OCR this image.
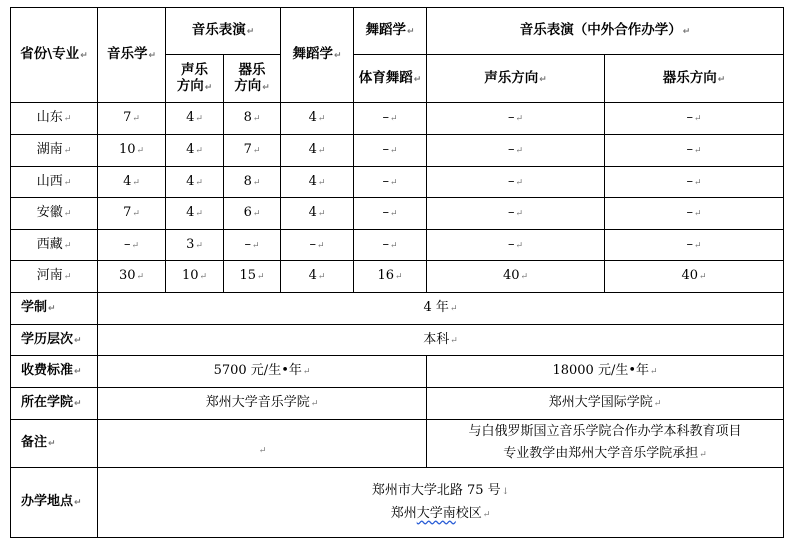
省份\专业↵	音乐学↵	音乐表演↵		舞蹈学↵	舞蹈学↵	音乐表演（中外合作办学）↵	
		声乐
方向↵	器乐
方向↵		体育舞蹈↵	声乐方向↵	器乐方向↵
山东↵	7↵	4↵	8↵	4↵	–↵	–↵	–↵
湖南↵	10↵	4↵	7↵	4↵	–↵	–↵	–↵
山西↵	4↵	4↵	8↵	4↵	–↵	–↵	–↵
安徽↵	7↵	4↵	6↵	4↵	–↵	–↵	–↵
西藏↵	–↵	3↵	–↵	–↵	–↵	–↵	–↵
河南↵	30↵	10↵	15↵	4↵	16↵	40↵	40↵
学制↵	4 年↵						
学历层次↵	本科↵						
收费标准↵	5700 元/生•年↵					18000 元/生•年↵	
所在学院↵	郑州大学音乐学院↵					郑州大学国际学院↵	
备注↵	↵					与白俄罗斯国立音乐学院合作办学本科教育项目
专业教学由郑州大学音乐学院承担↵	
办学地点↵	郑州市大学北路 75 号↓
郑州大学南校区↵						
